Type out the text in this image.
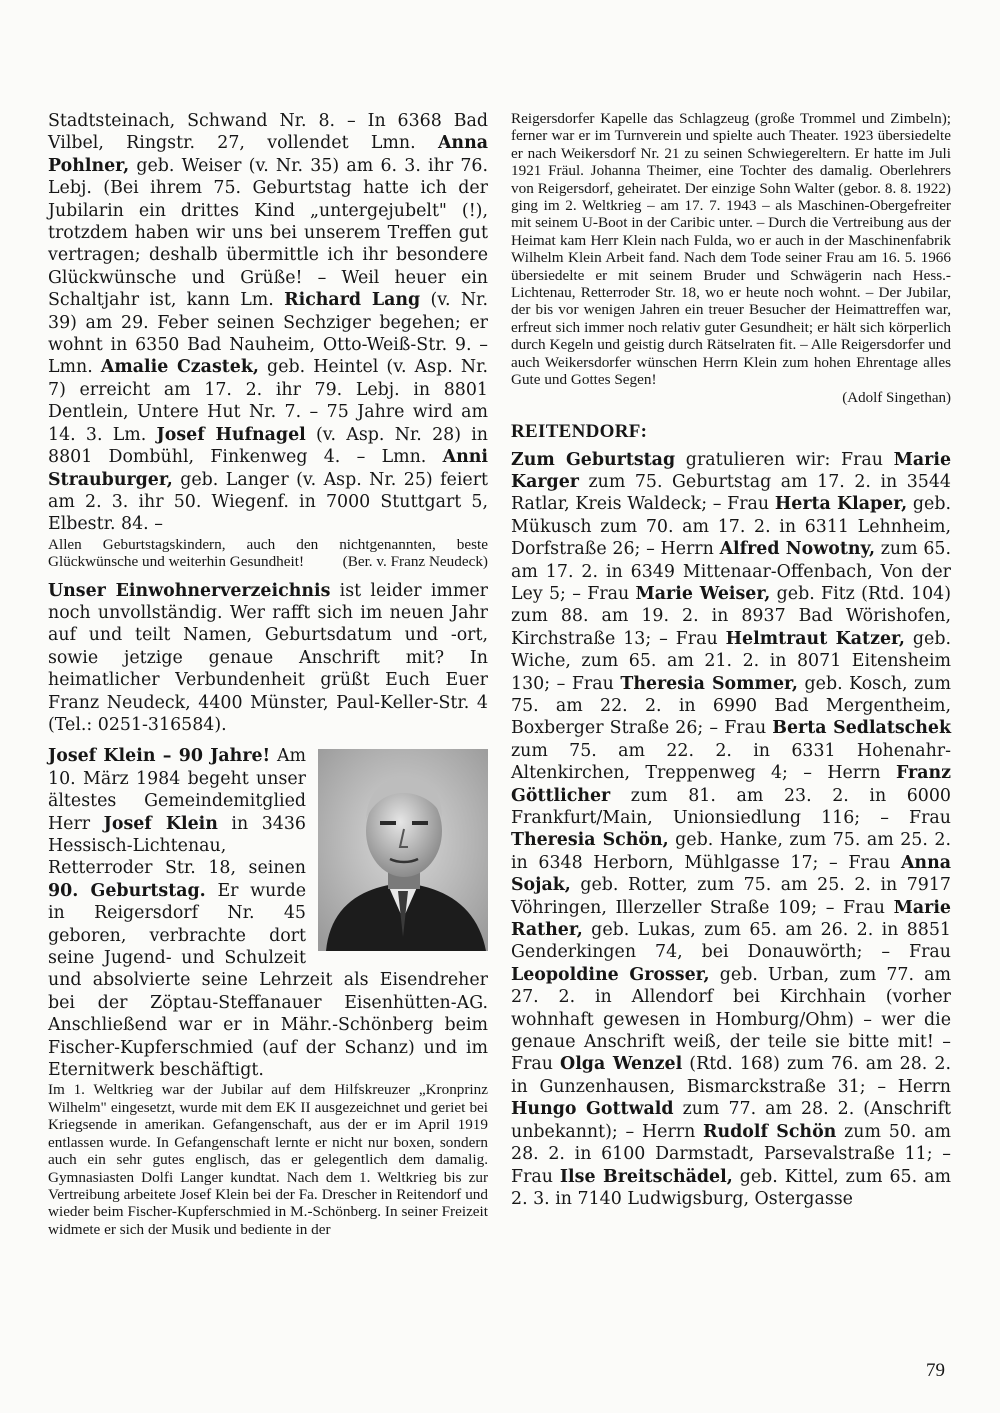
Stadtsteinach, Schwand Nr. 8. – In 6368 Bad Vilbel, Ringstr. 27, vollendet Lmn. Anna Pohlner, geb. Weiser (v. Nr. 35) am 6. 3. ihr 76. Lebj. (Bei ihrem 75. Geburtstag hatte ich der Jubilarin ein drittes Kind „untergejubelt" (!), trotzdem haben wir uns bei unserem Treffen gut vertragen; deshalb übermittle ich ihr besondere Glückwünsche und Grüße! – Weil heuer ein Schaltjahr ist, kann Lm. Richard Lang (v. Nr. 39) am 29. Feber seinen Sechziger begehen; er wohnt in 6350 Bad Nauheim, Otto-Weiß-Str. 9. – Lmn. Amalie Czastek, geb. Heintel (v. Asp. Nr. 7) erreicht am 17. 2. ihr 79. Lebj. in 8801 Dentlein, Untere Hut Nr. 7. – 75 Jahre wird am 14. 3. Lm. Josef Hufnagel (v. Asp. Nr. 28) in 8801 Dombühl, Finkenweg 4. – Lmn. Anni Strauburger, geb. Langer (v. Asp. Nr. 25) feiert am 2. 3. ihr 50. Wiegenf. in 7000 Stuttgart 5, Elbestr. 84. –

Allen Geburtstagskindern, auch den nichtgenannten, beste Glückwünsche und weiterhin Gesundheit!	(Ber. v. Franz Neudeck)

Unser Einwohnerverzeichnis ist leider immer noch unvollständig. Wer rafft sich im neuen Jahr auf und teilt Namen, Geburtsdatum und -ort, sowie jetzige genaue Anschrift mit? In heimatlicher Verbundenheit grüßt Euch Euer Franz Neudeck, 4400 Münster, Paul-Keller-Str. 4 (Tel.: 0251-316584).

Josef Klein – 90 Jahre! Am 10. März 1984 begeht unser ältestes Gemeindemitglied Herr Josef Klein in 3436 Hessisch-Lichtenau, Retterroder Str. 18, seinen 90. Geburtstag. Er wurde in Reigersdorf Nr. 45 geboren, verbrachte dort seine Jugend- und Schulzeit und absolvierte seine Lehrzeit als Eisendreher bei der Zöptau-Steffanauer Eisenhütten-AG. Anschließend war er in Mähr.-Schönberg beim Fischer-Kupferschmied (auf der Schanz) und im Eternitwerk beschäftigt.

Im 1. Weltkrieg war der Jubilar auf dem Hilfskreuzer „Kronprinz Wilhelm" eingesetzt, wurde mit dem EK II ausgezeichnet und geriet bei Kriegsende in amerikan. Gefangenschaft, aus der er im April 1919 entlassen wurde. In Gefangenschaft lernte er nicht nur boxen, sondern auch ein sehr gutes englisch, das er gelegentlich dem damalig. Gymnasiasten Dolfi Langer kundtat. Nach dem 1. Weltkrieg bis zur Vertreibung arbeitete Josef Klein bei der Fa. Drescher in Reitendorf und wieder beim Fischer-Kupferschmied in M.-Schönberg. In seiner Freizeit widmete er sich der Musik und bediente in der

Reigersdorfer Kapelle das Schlagzeug (große Trommel und Zimbeln); ferner war er im Turnverein und spielte auch Theater. 1923 übersiedelte er nach Weikersdorf Nr. 21 zu seinen Schwiegereltern. Er hatte im Juli 1921 Fräul. Johanna Theimer, eine Tochter des damalig. Oberlehrers von Reigersdorf, geheiratet. Der einzige Sohn Walter (gebor. 8. 8. 1922) ging im 2. Weltkrieg – am 17. 7. 1943 – als Maschinen-Obergefreiter mit seinem U-Boot in der Caribic unter. – Durch die Vertreibung aus der Heimat kam Herr Klein nach Fulda, wo er auch in der Maschinenfabrik Wilhelm Klein Arbeit fand. Nach dem Tode seiner Frau am 16. 5. 1966 übersiedelte er mit seinem Bruder und Schwägerin nach Hess.-Lichtenau, Retterroder Str. 18, wo er heute noch wohnt. – Der Jubilar, der bis vor wenigen Jahren ein treuer Besucher der Heimattreffen war, erfreut sich immer noch relativ guter Gesundheit; er hält sich körperlich durch Kegeln und geistig durch Rätselraten fit. – Alle Reigersdorfer und auch Weikersdorfer wünschen Herrn Klein zum hohen Ehrentage alles Gute und Gottes Segen!

(Adolf Singethan)
REITENDORF:

Zum Geburtstag gratulieren wir: Frau Marie Karger zum 75. Geburtstag am 17. 2. in 3544 Ratlar, Kreis Waldeck; – Frau Herta Klaper, geb. Mükusch zum 70. am 17. 2. in 6311 Lehnheim, Dorfstraße 26; – Herrn Alfred Nowotny, zum 65. am 17. 2. in 6349 Mittenaar-Offenbach, Von der Ley 5; – Frau Marie Weiser, geb. Fitz (Rtd. 104) zum 88. am 19. 2. in 8937 Bad Wörishofen, Kirchstraße 13; – Frau Helmtraut Katzer, geb. Wiche, zum 65. am 21. 2. in 8071 Eitensheim 130; – Frau Theresia Sommer, geb. Kosch, zum 75. am 22. 2. in 6990 Bad Mergentheim, Boxberger Straße 26; – Frau Berta Sedlatschek zum 75. am 22. 2. in 6331 Hohenahr-Altenkirchen, Treppenweg 4; – Herrn Franz Göttlicher zum 81. am 23. 2. in 6000 Frankfurt/Main, Unionsiedlung 116; – Frau Theresia Schön, geb. Hanke, zum 75. am 25. 2. in 6348 Herborn, Mühlgasse 17; – Frau Anna Sojak, geb. Rotter, zum 75. am 25. 2. in 7917 Vöhringen, Illerzeller Straße 109; – Frau Marie Rather, geb. Lukas, zum 65. am 26. 2. in 8851 Genderkingen 74, bei Donauwörth; – Frau Leopoldine Grosser, geb. Urban, zum 77. am 27. 2. in Allendorf bei Kirchhain (vorher wohnhaft gewesen in Homburg/Ohm) – wer die genaue Anschrift weiß, der teile sie bitte mit! – Frau Olga Wenzel (Rtd. 168) zum 76. am 28. 2. in Gunzenhausen, Bismarckstraße 31; – Herrn Hungo Gottwald zum 77. am 28. 2. (Anschrift unbekannt); – Herrn Rudolf Schön zum 50. am 28. 2. in 6100 Darmstadt, Parsevalstraße 11; – Frau Ilse Breitschädel, geb. Kittel, zum 65. am 2. 3. in 7140 Ludwigsburg, Ostergasse

79
